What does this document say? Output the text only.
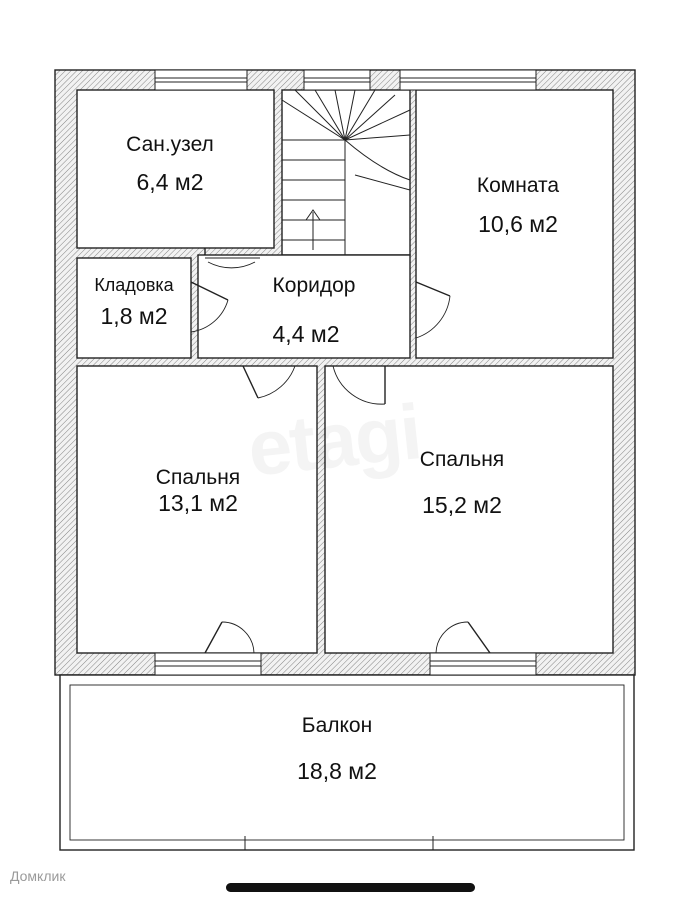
Сан.узел
6,4 м2	Комната
10,6 м2
Кладовка
1,8 м2
Коридор
4,4 м2
Спальня
13,1 м2
Спальня
15,2 м2
Балкон
18,8 м2
Домклик
